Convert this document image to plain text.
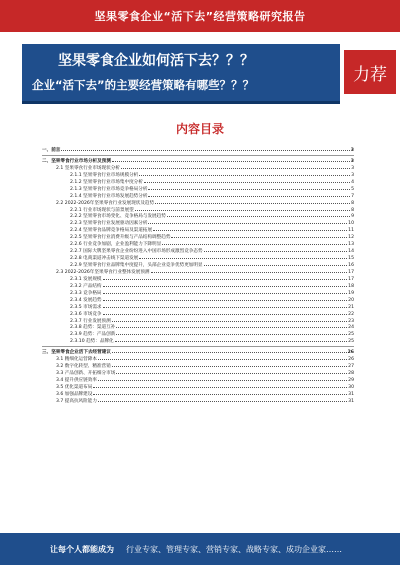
坚果零食企业“活下去”经营策略研究报告
坚果零食企业如何活下去？？？
企业“活下去”的主要经营策略有哪些？？？
力荐
内容目录
一、前言	3
二、坚果零食行业市场分析及预测	3
2.1 坚果零食行业市场现状分析	3
2.1.1 坚果零食行业市场规模分析	3
2.1.2 坚果零食行业市场集中度分析	4
2.1.3 坚果零食行业市场竞争格局分析	5
2.1.4 坚果零食行业市场发展趋势分析	7
2.2 2022-2026年坚果零食行业发展现状及趋势	8
2.2.1 行业市场现状与前景展望	8
2.2.2 坚果零食市场变化、竞争格局与发展趋势	9
2.2.3 坚果零食行业发展驱动因素分析	10
2.2.4 坚果零食品牌竞争格局及渠道拓展	11
2.2.5 坚果零食行业消费升级与产品结构调整趋势	12
2.2.6 行业竞争加剧，企业盈利能力下降明显	13
2.2.7 国际大牌坚果零食企业纷纷进入中国市场形成激烈竞争态势	14
2.2.8 电商渠道冲击线下渠道发展	15
2.2.9 坚果零食行业品牌集中度提升，头部企业竞争优势更加明显	16
2.3 2022-2026年坚果零食行业整体发展预测	17
2.3.1 发展规模	17
2.3.2 产品结构	18
2.3.3 竞争格局	19
2.3.4 发展趋势	20
2.3.5 市场需求	21
2.3.6 市场竞争	22
2.3.7 行业发展预测	23
2.3.8 趋势：渠道互补	24
2.3.9 趋势：产品创新	25
2.3.10 趋势：品牌化	25
三、坚果零食企业活下去经营建议	26
3.1 精细化运营降本	26
3.2 数字化转型、精准营销	27
3.3 产品创新、开拓细分市场	28
3.4 提升供应链效率	29
3.5 优化渠道布局	30
3.6 加强品牌建设	31
3.7 提高抗风险能力	31
让每个人都能成为 行业专家、管理专家、营销专家、战略专家、成功企业家……
